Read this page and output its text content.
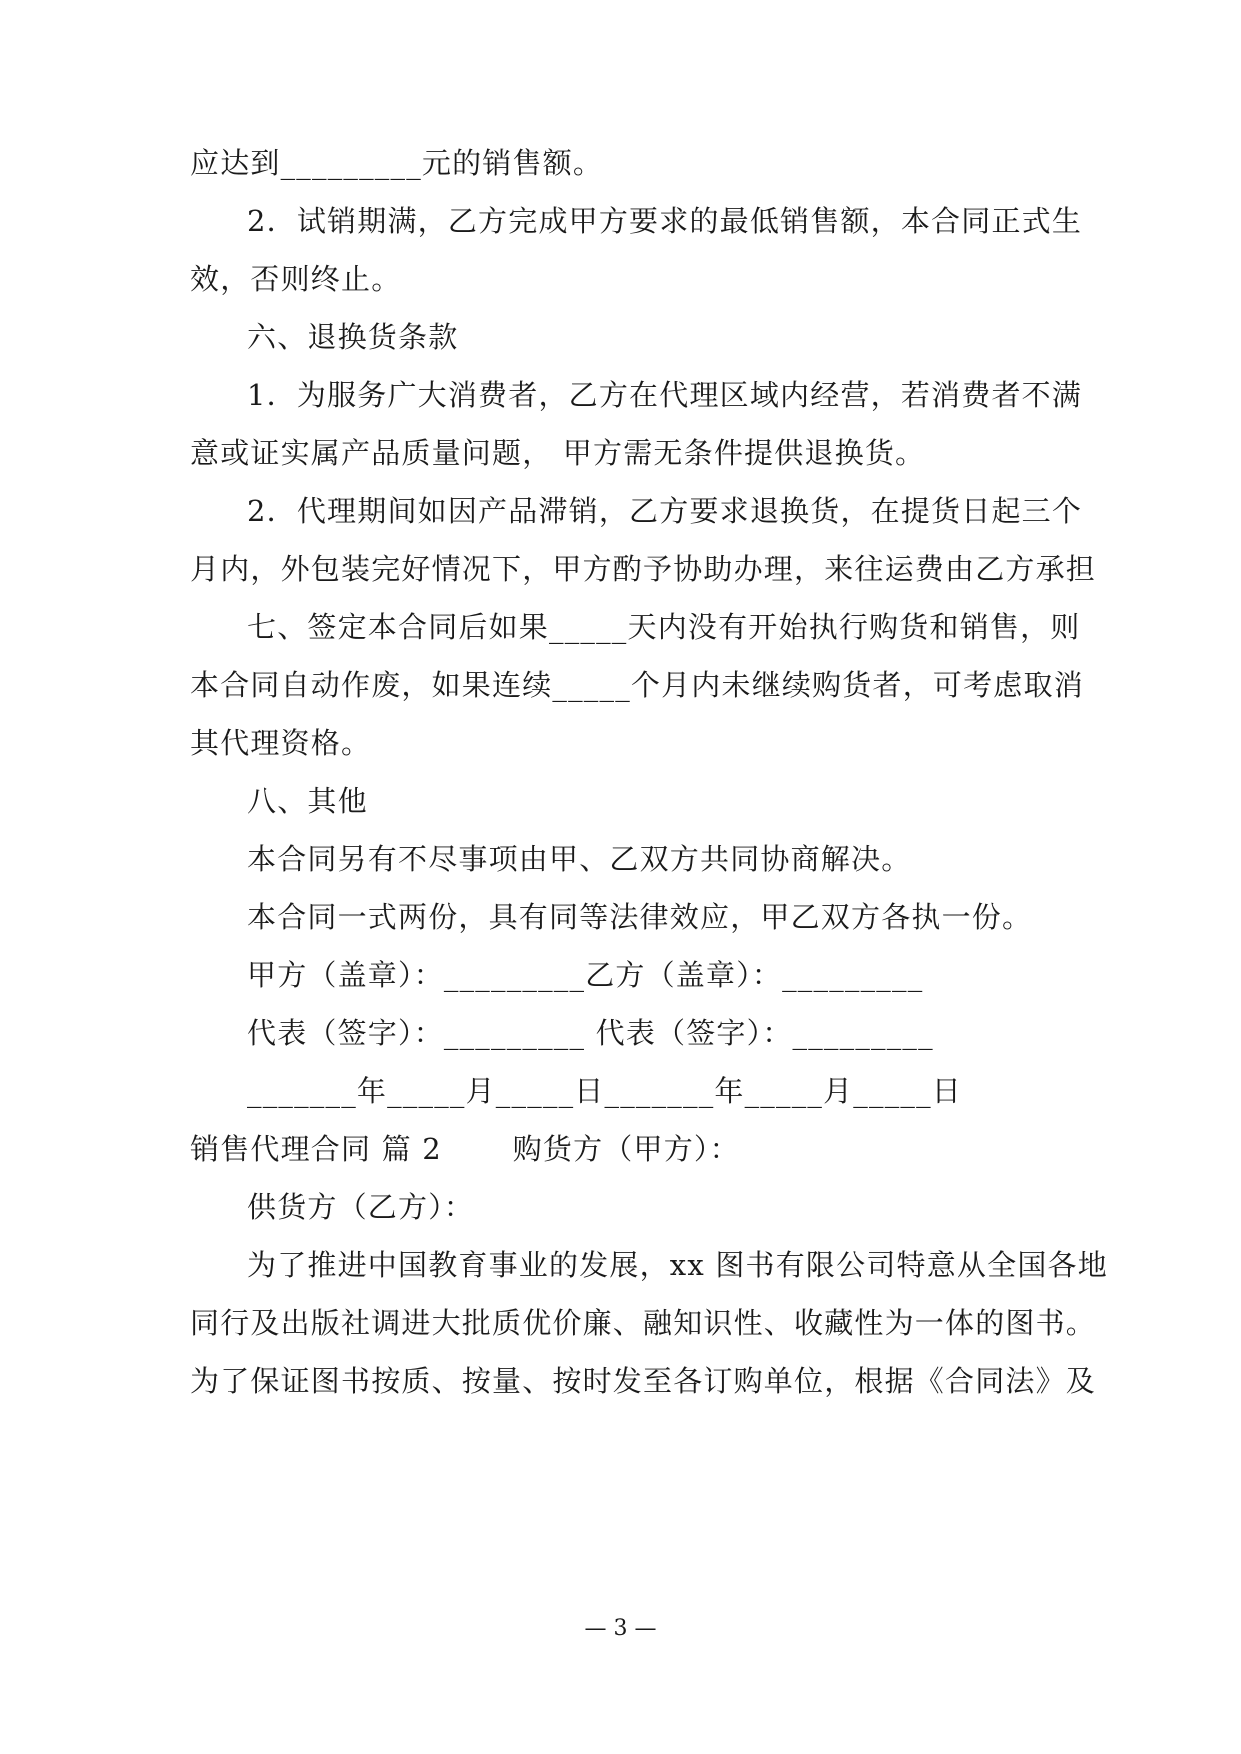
应达到_________元的销售额。
2．试销期满，乙方完成甲方要求的最低销售额，本合同正式生
效，否则终止。
六、退换货条款
1．为服务广大消费者，乙方在代理区域内经营，若消费者不满
意或证实属产品质量问题， 甲方需无条件提供退换货。
2．代理期间如因产品滞销，乙方要求退换货，在提货日起三个
月内，外包装完好情况下，甲方酌予协助办理，来往运费由乙方承担
七、签定本合同后如果_____天内没有开始执行购货和销售，则
本合同自动作废，如果连续_____个月内未继续购货者，可考虑取消
其代理资格。
八、其他
本合同另有不尽事项由甲、乙双方共同协商解决。
本合同一式两份，具有同等法律效应，甲乙双方各执一份。
甲方（盖章）：_________乙方（盖章）：_________
代表（签字）：_________ 代表（签字）：_________
_______年_____月_____日_______年_____月_____日
销售代理合同 篇 2　　 购货方（甲方）：
供货方（乙方）：
为了推进中国教育事业的发展，xx 图书有限公司特意从全国各地
同行及出版社调进大批质优价廉、融知识性、收藏性为一体的图书。
为了保证图书按质、按量、按时发至各订购单位，根据《合同法》及
— 3 —
